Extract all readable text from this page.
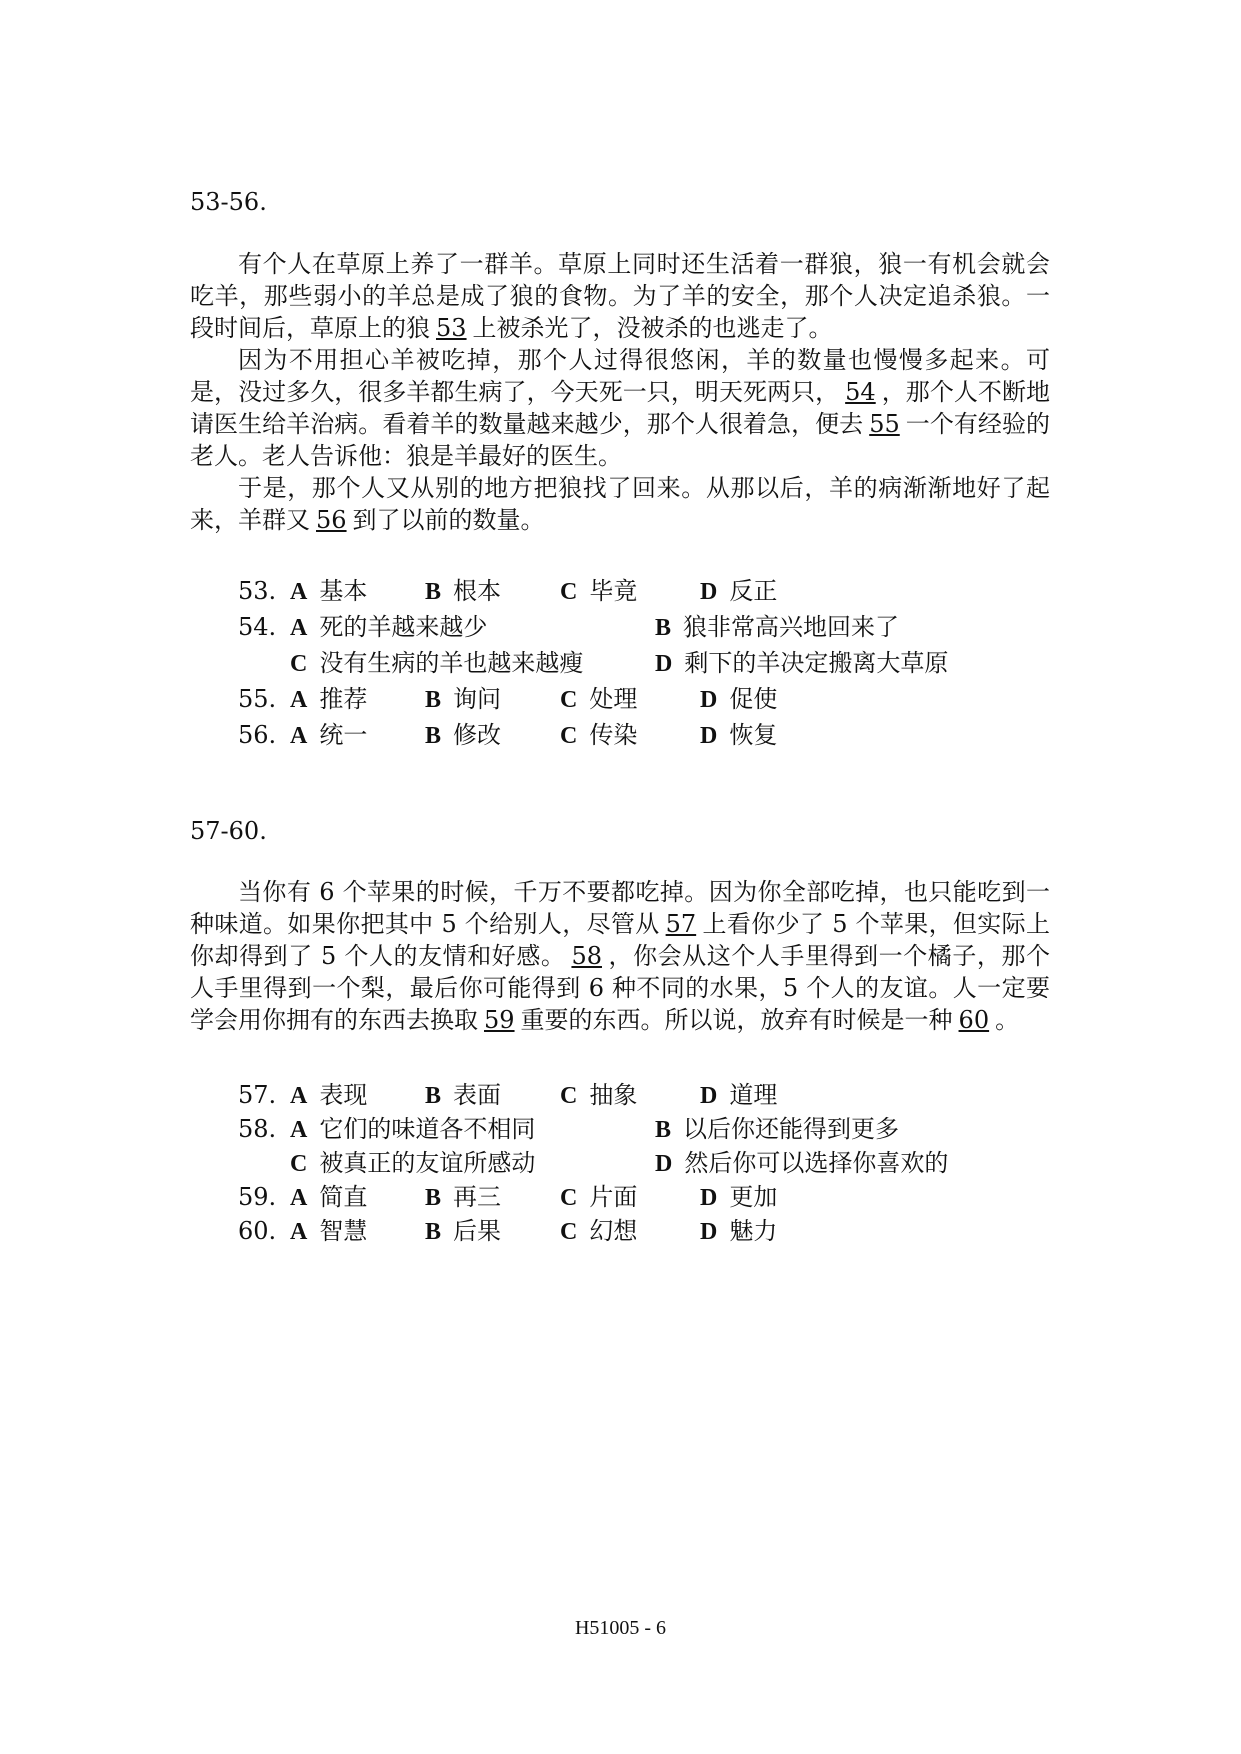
53-56.

有个人在草原上养了一群羊。草原上同时还生活着一群狼，狼一有机会就会吃羊，那些弱小的羊总是成了狼的食物。为了羊的安全，那个人决定追杀狼。一段时间后，草原上的狼 53 上被杀光了，没被杀的也逃走了。

因为不用担心羊被吃掉，那个人过得很悠闲，羊的数量也慢慢多起来。可是，没过多久，很多羊都生病了，今天死一只，明天死两只， 54 ，那个人不断地请医生给羊治病。看着羊的数量越来越少，那个人很着急，便去 55 一个有经验的老人。老人告诉他：狼是羊最好的医生。

于是，那个人又从别的地方把狼找了回来。从那以后，羊的病渐渐地好了起来，羊群又 56 到了以前的数量。

53. A 基本 B 根本 C 毕竟	D 反正
54. A 死的羊越来越少	B 狼非常高兴地回来了
C 没有生病的羊也越来越瘦	D 剩下的羊决定搬离大草原
55. A 推荐 B 询问 C 处理	D 促使
56. A 统一 B 修改 C 传染	D 恢复
57-60.

当你有 6 个苹果的时候，千万不要都吃掉。因为你全部吃掉，也只能吃到一种味道。如果你把其中 5 个给别人，尽管从 57 上看你少了 5 个苹果，但实际上你却得到了 5 个人的友情和好感。 58 ，你会从这个人手里得到一个橘子，那个人手里得到一个梨，最后你可能得到 6 种不同的水果，5 个人的友谊。人一定要学会用你拥有的东西去换取 59 重要的东西。所以说，放弃有时候是一种 60 。

57. A 表现 B 表面 C 抽象	D 道理
58. A 它们的味道各不相同	B 以后你还能得到更多
C 被真正的友谊所感动	D 然后你可以选择你喜欢的
59. A 简直 B 再三 C 片面	D 更加
60. A 智慧 B 后果 C 幻想	D 魅力
H51005 - 6
